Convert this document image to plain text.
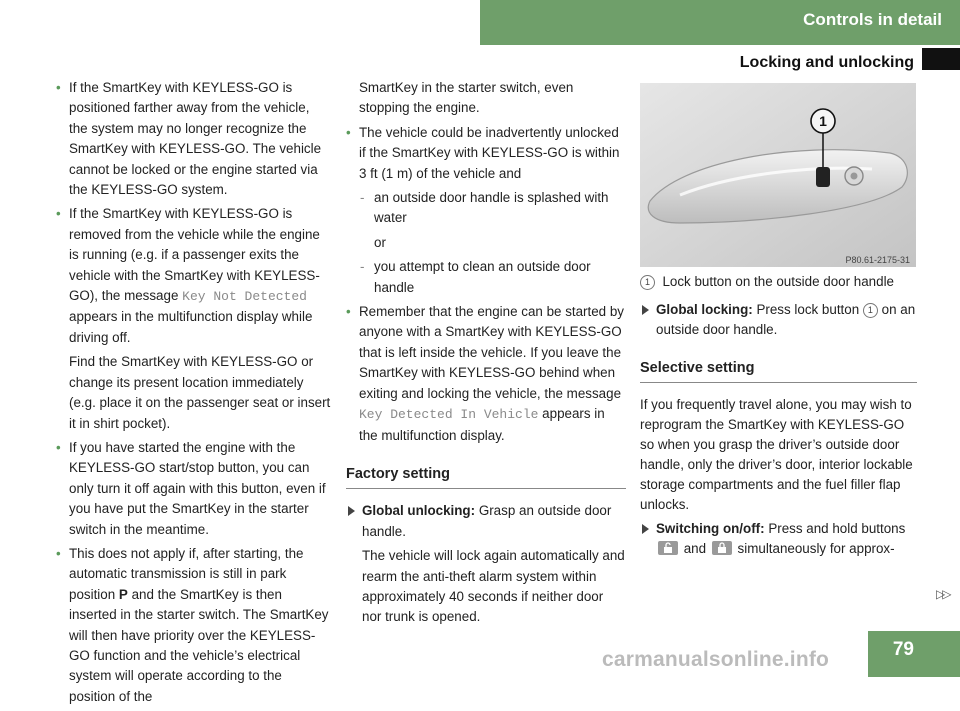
Controls in detail
Locking and unlocking

• If the SmartKey with KEYLESS-GO is positioned farther away from the vehicle, the system may no longer recognize the SmartKey with KEYLESS-GO. The vehicle cannot be locked or the engine started via the KEYLESS-GO system.

• If the SmartKey with KEYLESS-GO is removed from the vehicle while the engine is running (e.g. if a passenger exits the vehicle with the SmartKey with KEYLESS-GO), the message Key Not Detected appears in the multifunction display while driving off.

Find the SmartKey with KEYLESS-GO or change its present location immediately (e.g. place it on the passenger seat or insert it in shirt pocket).

• If you have started the engine with the KEYLESS-GO start/stop button, you can only turn it off again with this button, even if you have put the SmartKey in the starter switch in the meantime.

• This does not apply if, after starting, the automatic transmission is still in park position P and the SmartKey is then inserted in the starter switch. The SmartKey will then have priority over the KEYLESS-GO function and the vehicle’s electrical system will operate according to the position of the

SmartKey in the starter switch, even stopping the engine.

• The vehicle could be inadvertently unlocked if the SmartKey with KEYLESS-GO is within 3 ft (1 m) of the vehicle and

- an outside door handle is splashed with water

or

- you attempt to clean an outside door handle

• Remember that the engine can be started by anyone with a SmartKey with KEYLESS-GO that is left inside the vehicle. If you leave the SmartKey with KEYLESS-GO behind when exiting and locking the vehicle, the message Key Detected In Vehicle appears in the multifunction display.

Factory setting

Global unlocking: Grasp an outside door handle.

The vehicle will lock again automatically and rearm the anti-theft alarm system within approximately 40 seconds if neither door nor trunk is opened.

1
P80.61-2175-31

1 Lock button on the outside door handle

Global locking: Press lock button 1 on an outside door handle.

Selective setting

If you frequently travel alone, you may wish to reprogram the SmartKey with KEYLESS-GO so when you grasp the driver’s outside door handle, only the driver’s door, interior lockable storage compartments and the fuel filler flap unlocks.

Switching on/off: Press and hold buttons

and simultaneously for approx-

▷▷
79
carmanualsonline.info
